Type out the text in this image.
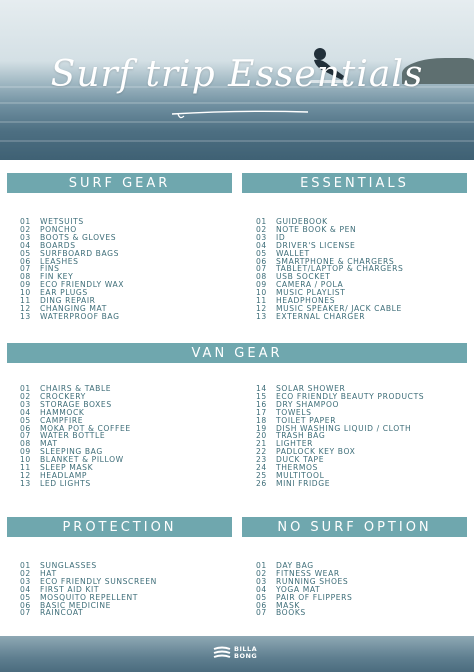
Surf trip Essentials
SURF GEAR
01	WETSUITS
02	PONCHO
03	BOOTS & GLOVES
04	BOARDS
05	SURFBOARD BAGS
06	LEASHES
07	FINS
08	FIN KEY
09	ECO FRIENDLY WAX
10	EAR PLUGS
11	DING REPAIR
12	CHANGING MAT
13	WATERPROOF BAG
ESSENTIALS
01	GUIDEBOOK
02	NOTE BOOK & PEN
03	ID
04	DRIVER'S LICENSE
05	WALLET
06	SMARTPHONE & CHARGERS
07	TABLET/LAPTOP & CHARGERS
08	USB SOCKET
09	CAMERA / POLA
10	MUSIC PLAYLIST
11	HEADPHONES
12	MUSIC SPEAKER/ JACK CABLE
13	EXTERNAL CHARGER
VAN GEAR
01	CHAIRS & TABLE
02	CROCKERY
03	STORAGE BOXES
04	HAMMOCK
05	CAMPFIRE
06	MOKA POT & COFFEE
07	WATER BOTTLE
08	MAT
09	SLEEPING BAG
10	BLANKET & PILLOW
11	SLEEP MASK
12	HEADLAMP
13	LED LIGHTS
14	SOLAR SHOWER
15	ECO FRIENDLY BEAUTY PRODUCTS
16	DRY SHAMPOO
17	TOWELS
18	TOILET PAPER
19	DISH WASHING LIQUID / CLOTH
20	TRASH BAG
21	LIGHTER
22	PADLOCK KEY BOX
23	DUCK TAPE
24	THERMOS
25	MULTITOOL
26	MINI FRIDGE
PROTECTION
01	SUNGLASSES
02	HAT
03	ECO FRIENDLY SUNSCREEN
04	FIRST AID KIT
05	MOSQUITO REPELLENT
06	BASIC MEDICINE
07	RAINCOAT
NO SURF OPTION
01	DAY BAG
02	FITNESS WEAR
03	RUNNING SHOES
04	YOGA MAT
05	PAIR OF FLIPPERS
06	MASK
07	BOOKS
BILLA
BONG
